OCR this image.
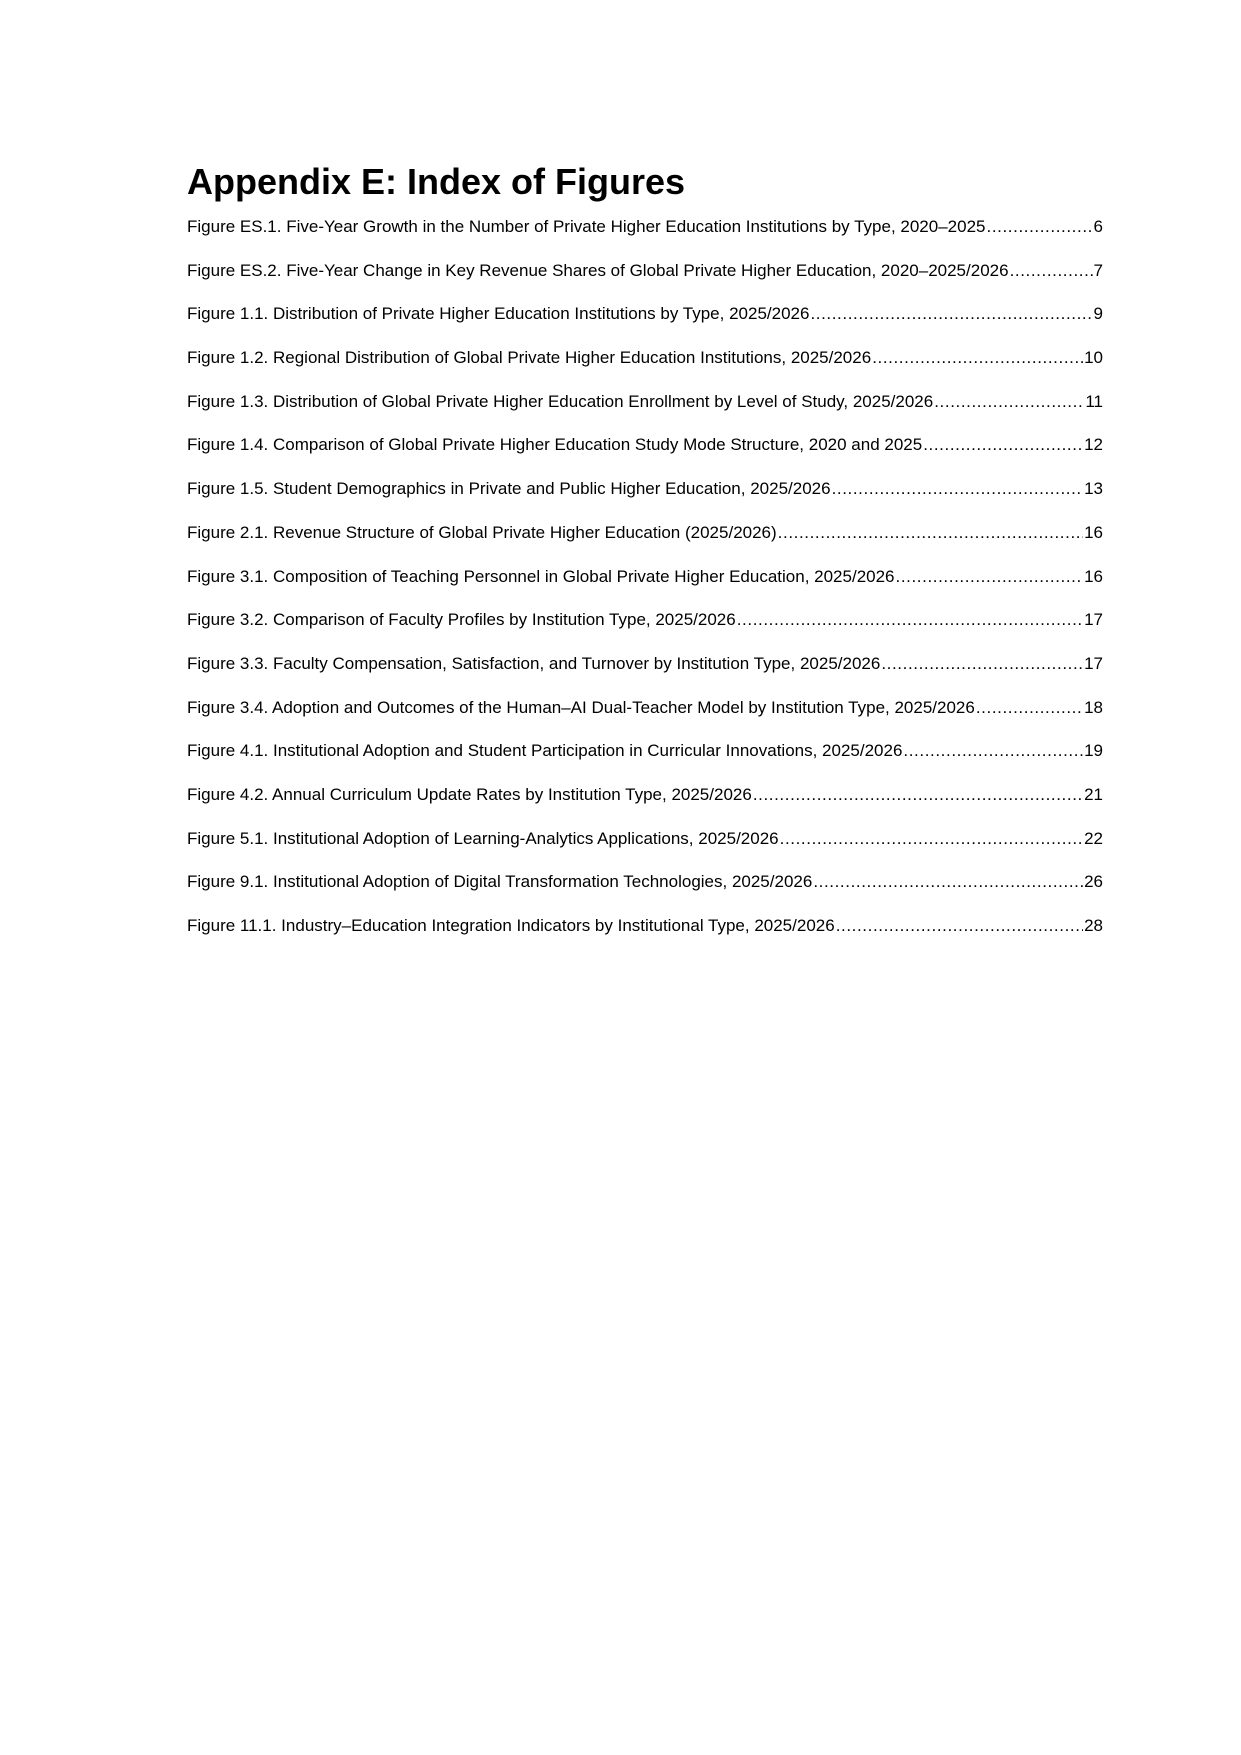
Appendix E: Index of Figures
Figure ES.1. Five-Year Growth in the Number of Private Higher Education Institutions by Type, 2020–2025 .....	6
Figure ES.2. Five-Year Change in Key Revenue Shares of Global Private Higher Education, 2020–2025/2026 .....	7
Figure 1.1. Distribution of Private Higher Education Institutions by Type, 2025/2026 .....	9
Figure 1.2. Regional Distribution of Global Private Higher Education Institutions, 2025/2026 .....	10
Figure 1.3. Distribution of Global Private Higher Education Enrollment by Level of Study, 2025/2026 .....	11
Figure 1.4. Comparison of Global Private Higher Education Study Mode Structure, 2020 and 2025 .....	12
Figure 1.5. Student Demographics in Private and Public Higher Education, 2025/2026 .....	13
Figure 2.1. Revenue Structure of Global Private Higher Education (2025/2026) .....	16
Figure 3.1. Composition of Teaching Personnel in Global Private Higher Education, 2025/2026 .....	16
Figure 3.2. Comparison of Faculty Profiles by Institution Type, 2025/2026 .....	17
Figure 3.3. Faculty Compensation, Satisfaction, and Turnover by Institution Type, 2025/2026 .....	17
Figure 3.4. Adoption and Outcomes of the Human–AI Dual-Teacher Model by Institution Type, 2025/2026 .....	18
Figure 4.1. Institutional Adoption and Student Participation in Curricular Innovations, 2025/2026 .....	19
Figure 4.2. Annual Curriculum Update Rates by Institution Type, 2025/2026 .....	21
Figure 5.1. Institutional Adoption of Learning-Analytics Applications, 2025/2026 .....	22
Figure 9.1. Institutional Adoption of Digital Transformation Technologies, 2025/2026 .....	26
Figure 11.1. Industry–Education Integration Indicators by Institutional Type, 2025/2026 .....	28
